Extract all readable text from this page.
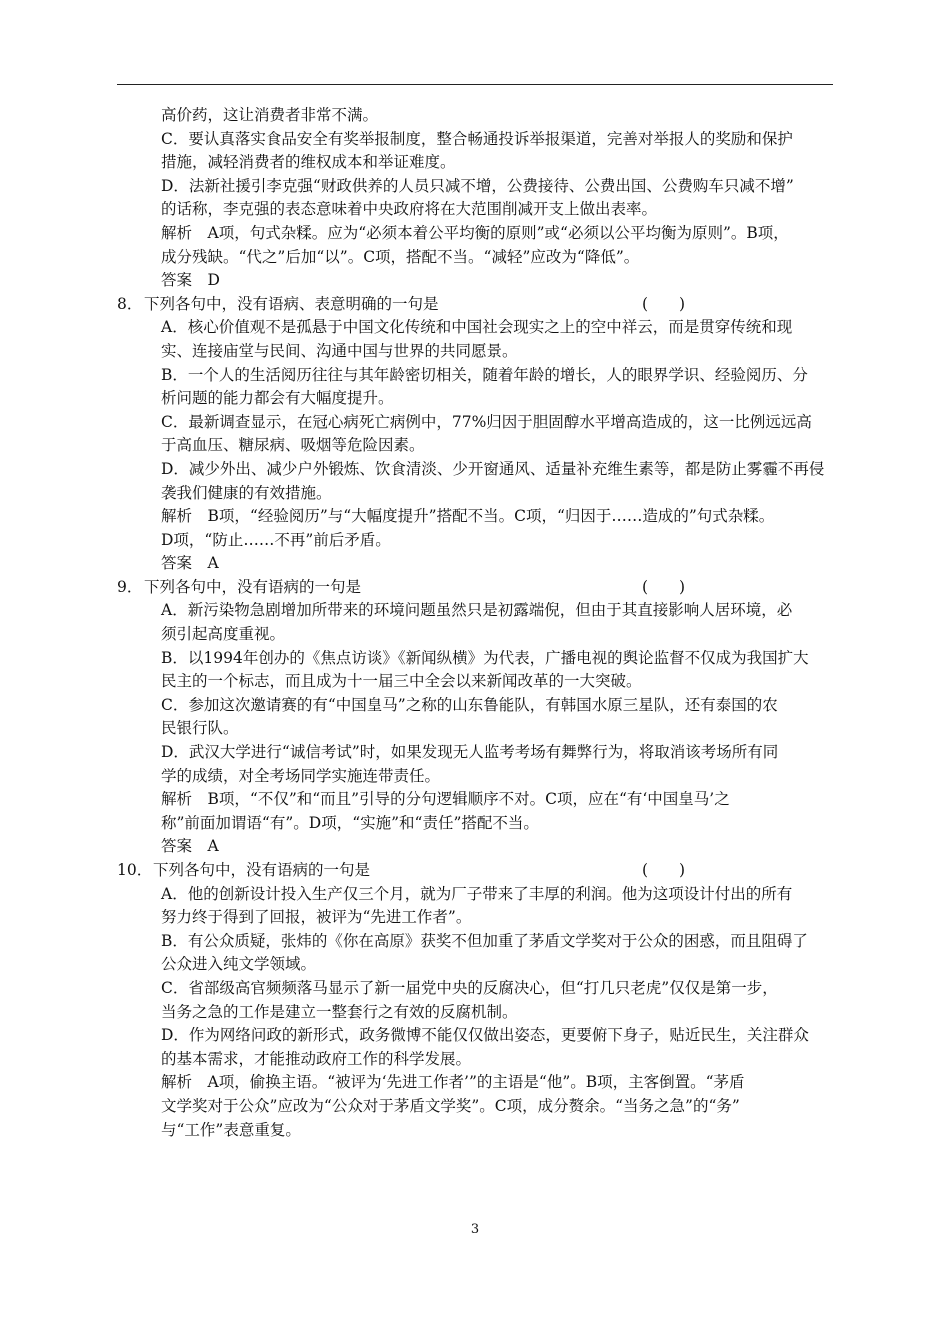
高价药，这让消费者非常不满。
C．要认真落实食品安全有奖举报制度，整合畅通投诉举报渠道，完善对举报人的奖励和保护
措施，减轻消费者的维权成本和举证难度。
D．法新社援引李克强“财政供养的人员只减不增，公费接待、公费出国、公费购车只减不增”
的话称，李克强的表态意味着中央政府将在大范围削减开支上做出表率。
解析　A项，句式杂糅。应为“必须本着公平均衡的原则”或“必须以公平均衡为原则”。B项，
成分残缺。“代之”后加“以”。C项，搭配不当。“减轻”应改为“降低”。
答案　D
8． 下列各句中，没有语病、表意明确的一句是	(　　)
A．核心价值观不是孤悬于中国文化传统和中国社会现实之上的空中祥云，而是贯穿传统和现
实、连接庙堂与民间、沟通中国与世界的共同愿景。
B．一个人的生活阅历往往与其年龄密切相关，随着年龄的增长，人的眼界学识、经验阅历、分
析问题的能力都会有大幅度提升。
C．最新调查显示，在冠心病死亡病例中，77%归因于胆固醇水平增高造成的，这一比例远远高
于高血压、糖尿病、吸烟等危险因素。
D．减少外出、减少户外锻炼、饮食清淡、少开窗通风、适量补充维生素等，都是防止雾霾不再侵
袭我们健康的有效措施。
解析　B项，“经验阅历”与“大幅度提升”搭配不当。C项，“归因于……造成的”句式杂糅。
D项，“防止……不再”前后矛盾。
答案　A
9． 下列各句中，没有语病的一句是	(　　)
A．新污染物急剧增加所带来的环境问题虽然只是初露端倪，但由于其直接影响人居环境，必
须引起高度重视。
B．以1994年创办的《焦点访谈》《新闻纵横》为代表，广播电视的舆论监督不仅成为我国扩大
民主的一个标志，而且成为十一届三中全会以来新闻改革的一大突破。
C．参加这次邀请赛的有“中国皇马”之称的山东鲁能队，有韩国水原三星队，还有泰国的农
民银行队。
D．武汉大学进行“诚信考试”时，如果发现无人监考考场有舞弊行为，将取消该考场所有同
学的成绩，对全考场同学实施连带责任。
解析　B项，“不仅”和“而且”引导的分句逻辑顺序不对。C项，应在“有‘中国皇马’之
称”前面加谓语“有”。D项，“实施”和“责任”搭配不当。
答案　A
10． 下列各句中，没有语病的一句是	(　　)
A．他的创新设计投入生产仅三个月，就为厂子带来了丰厚的利润。他为这项设计付出的所有
努力终于得到了回报，被评为“先进工作者”。
B．有公众质疑，张炜的《你在高原》获奖不但加重了茅盾文学奖对于公众的困惑，而且阻碍了
公众进入纯文学领域。
C．省部级高官频频落马显示了新一届党中央的反腐决心，但“打几只老虎”仅仅是第一步，
当务之急的工作是建立一整套行之有效的反腐机制。
D．作为网络问政的新形式，政务微博不能仅仅做出姿态，更要俯下身子，贴近民生，关注群众
的基本需求，才能推动政府工作的科学发展。
解析　A项，偷换主语。“被评为‘先进工作者’”的主语是“他”。B项，主客倒置。“茅盾
文学奖对于公众”应改为“公众对于茅盾文学奖”。C项，成分赘余。“当务之急”的“务”
与“工作”表意重复。
3
